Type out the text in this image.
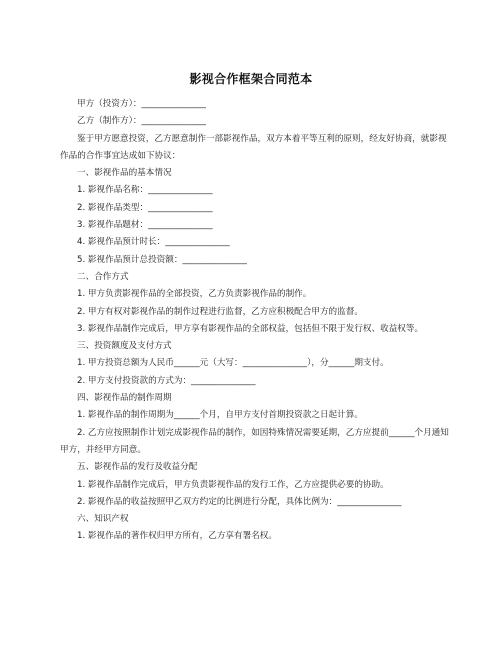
影视合作框架合同范本
甲方（投资方）：_______________
乙方（制作方）：_______________
鉴于甲方愿意投资，乙方愿意制作一部影视作品，双方本着平等互利的原则，经友好协商，就影视作品的合作事宜达成如下协议：
一、影视作品的基本情况
1. 影视作品名称：_______________
2. 影视作品类型：_______________
3. 影视作品题材：_______________
4. 影视作品预计时长：_______________
5. 影视作品预计总投资额：_______________
二、合作方式
1. 甲方负责影视作品的全部投资，乙方负责影视作品的制作。
2. 甲方有权对影视作品的制作过程进行监督，乙方应积极配合甲方的监督。
3. 影视作品制作完成后，甲方享有影视作品的全部权益，包括但不限于发行权、收益权等。
三、投资额度及支付方式
1. 甲方投资总额为人民币______元（大写：_______________），分______期支付。
2. 甲方支付投资款的方式为：_______________
四、影视作品的制作周期
1. 影视作品的制作周期为______个月，自甲方支付首期投资款之日起计算。
2. 乙方应按照制作计划完成影视作品的制作，如因特殊情况需要延期，乙方应提前______个月通知甲方，并经甲方同意。
五、影视作品的发行及收益分配
1. 影视作品制作完成后，甲方负责影视作品的发行工作，乙方应提供必要的协助。
2. 影视作品的收益按照甲乙双方约定的比例进行分配，具体比例为：_______________
六、知识产权
1. 影视作品的著作权归甲方所有，乙方享有署名权。
